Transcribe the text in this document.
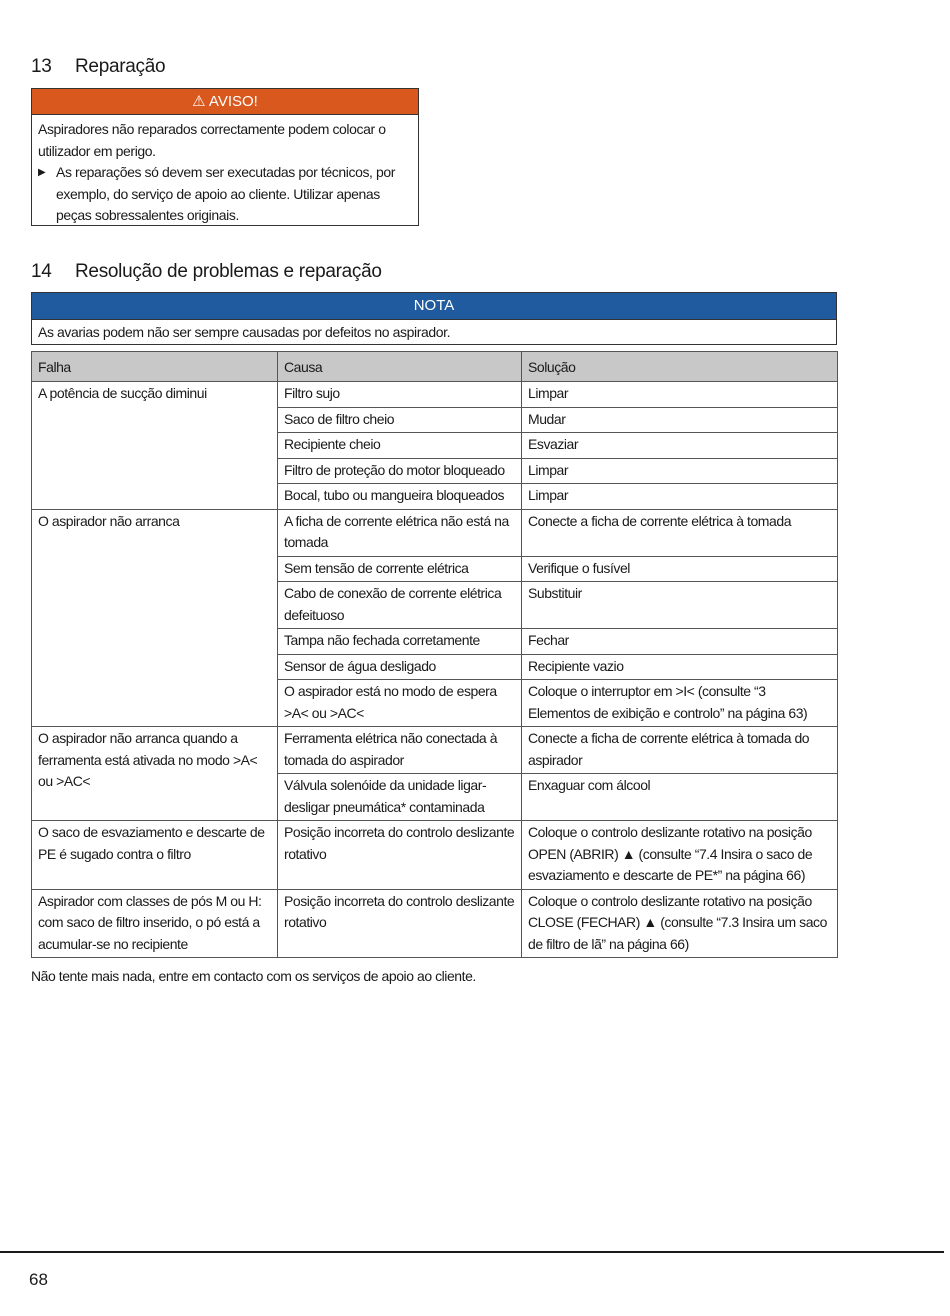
13 Reparação
⚠ AVISO!
Aspiradores não reparados correctamente podem colocar o utilizador em perigo.
▶ As reparações só devem ser executadas por técnicos, por exemplo, do serviço de apoio ao cliente. Utilizar apenas peças sobressalentes originais.
14 Resolução de problemas e reparação
NOTA
As avarias podem não ser sempre causadas por defeitos no aspirador.
Falha	Causa	Solução
A potência de sucção diminui	Filtro sujo	Limpar
	Saco de filtro cheio	Mudar
	Recipiente cheio	Esvaziar
	Filtro de proteção do motor bloqueado	Limpar
	Bocal, tubo ou mangueira bloqueados	Limpar
O aspirador não arranca	A ficha de corrente elétrica não está na tomada	Conecte a ficha de corrente elétrica à tomada
	Sem tensão de corrente elétrica	Verifique o fusível
	Cabo de conexão de corrente elétrica defeituoso	Substituir
	Tampa não fechada corretamente	Fechar
	Sensor de água desligado	Recipiente vazio
	O aspirador está no modo de espera >A< ou >AC<	Coloque o interruptor em >I< (consulte “3 Elementos de exibição e controlo” na página 63)
O aspirador não arranca quando a ferramenta está ativada no modo >A< ou >AC<	Ferramenta elétrica não conectada à tomada do aspirador	Conecte a ficha de corrente elétrica à tomada do aspirador
	Válvula solenóide da unidade ligar-desligar pneumática* contaminada	Enxaguar com álcool
O saco de esvaziamento e descarte de PE é sugado contra o filtro	Posição incorreta do controlo deslizante rotativo	Coloque o controlo deslizante rotativo na posição OPEN (ABRIR) ▲ (consulte “7.4 Insira o saco de esvaziamento e descarte de PE*” na página 66)
Aspirador com classes de pós M ou H: com saco de filtro inserido, o pó está a acumular-se no recipiente	Posição incorreta do controlo deslizante rotativo	Coloque o controlo deslizante rotativo na posição CLOSE (FECHAR) ▲ (consulte “7.3 Insira um saco de filtro de lã” na página 66)
Não tente mais nada, entre em contacto com os serviços de apoio ao cliente.
68
